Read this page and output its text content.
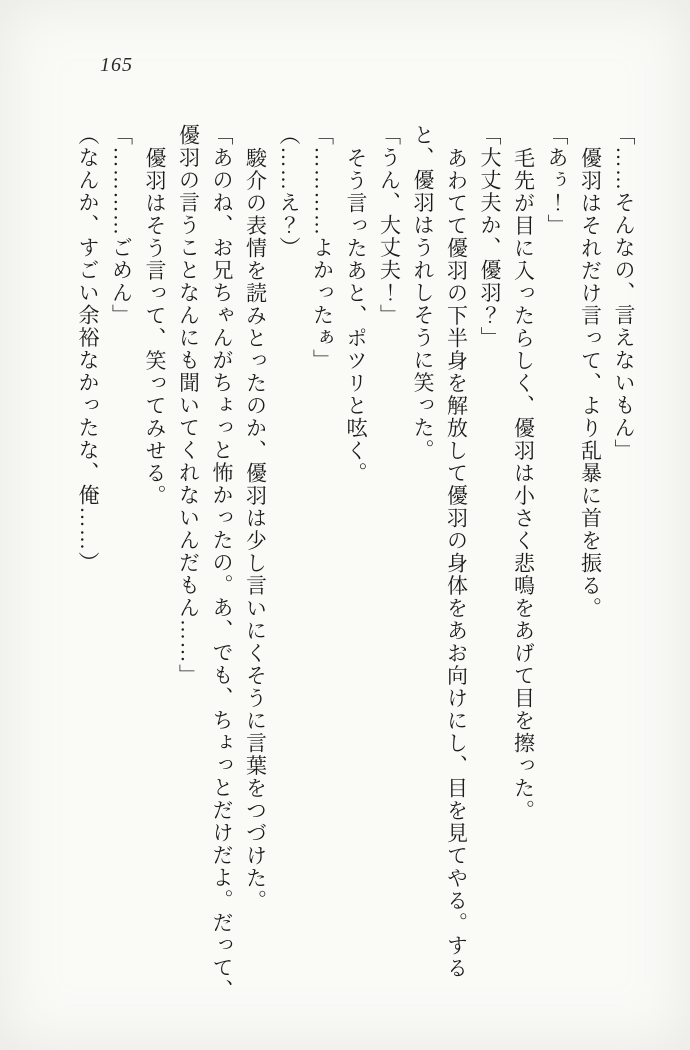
165

「……そんなの、言えないもん」

優羽はそれだけ言って、より乱暴に首を振る。

「あぅ！」

毛先が目に入ったらしく、優羽は小さく悲鳴をあげて目を擦った。

「大丈夫か、優羽？」

あわてて優羽の下半身を解放して優羽の身体をあお向けにし、目を見てやる。する

と、優羽はうれしそうに笑った。

「うん、大丈夫！」

そう言ったあと、ポツリと呟く。

「…………よかったぁ」

（……え？）

駿介の表情を読みとったのか、優羽は少し言いにくそうに言葉をつづけた。

「あのね、お兄ちゃんがちょっと怖かったの。あ、でも、ちょっとだけだよ。だって、

優羽の言うことなんにも聞いてくれないんだもん……」

優羽はそう言って、笑ってみせる。

「…………ごめん」

（なんか、すごい余裕なかったな、俺……）
